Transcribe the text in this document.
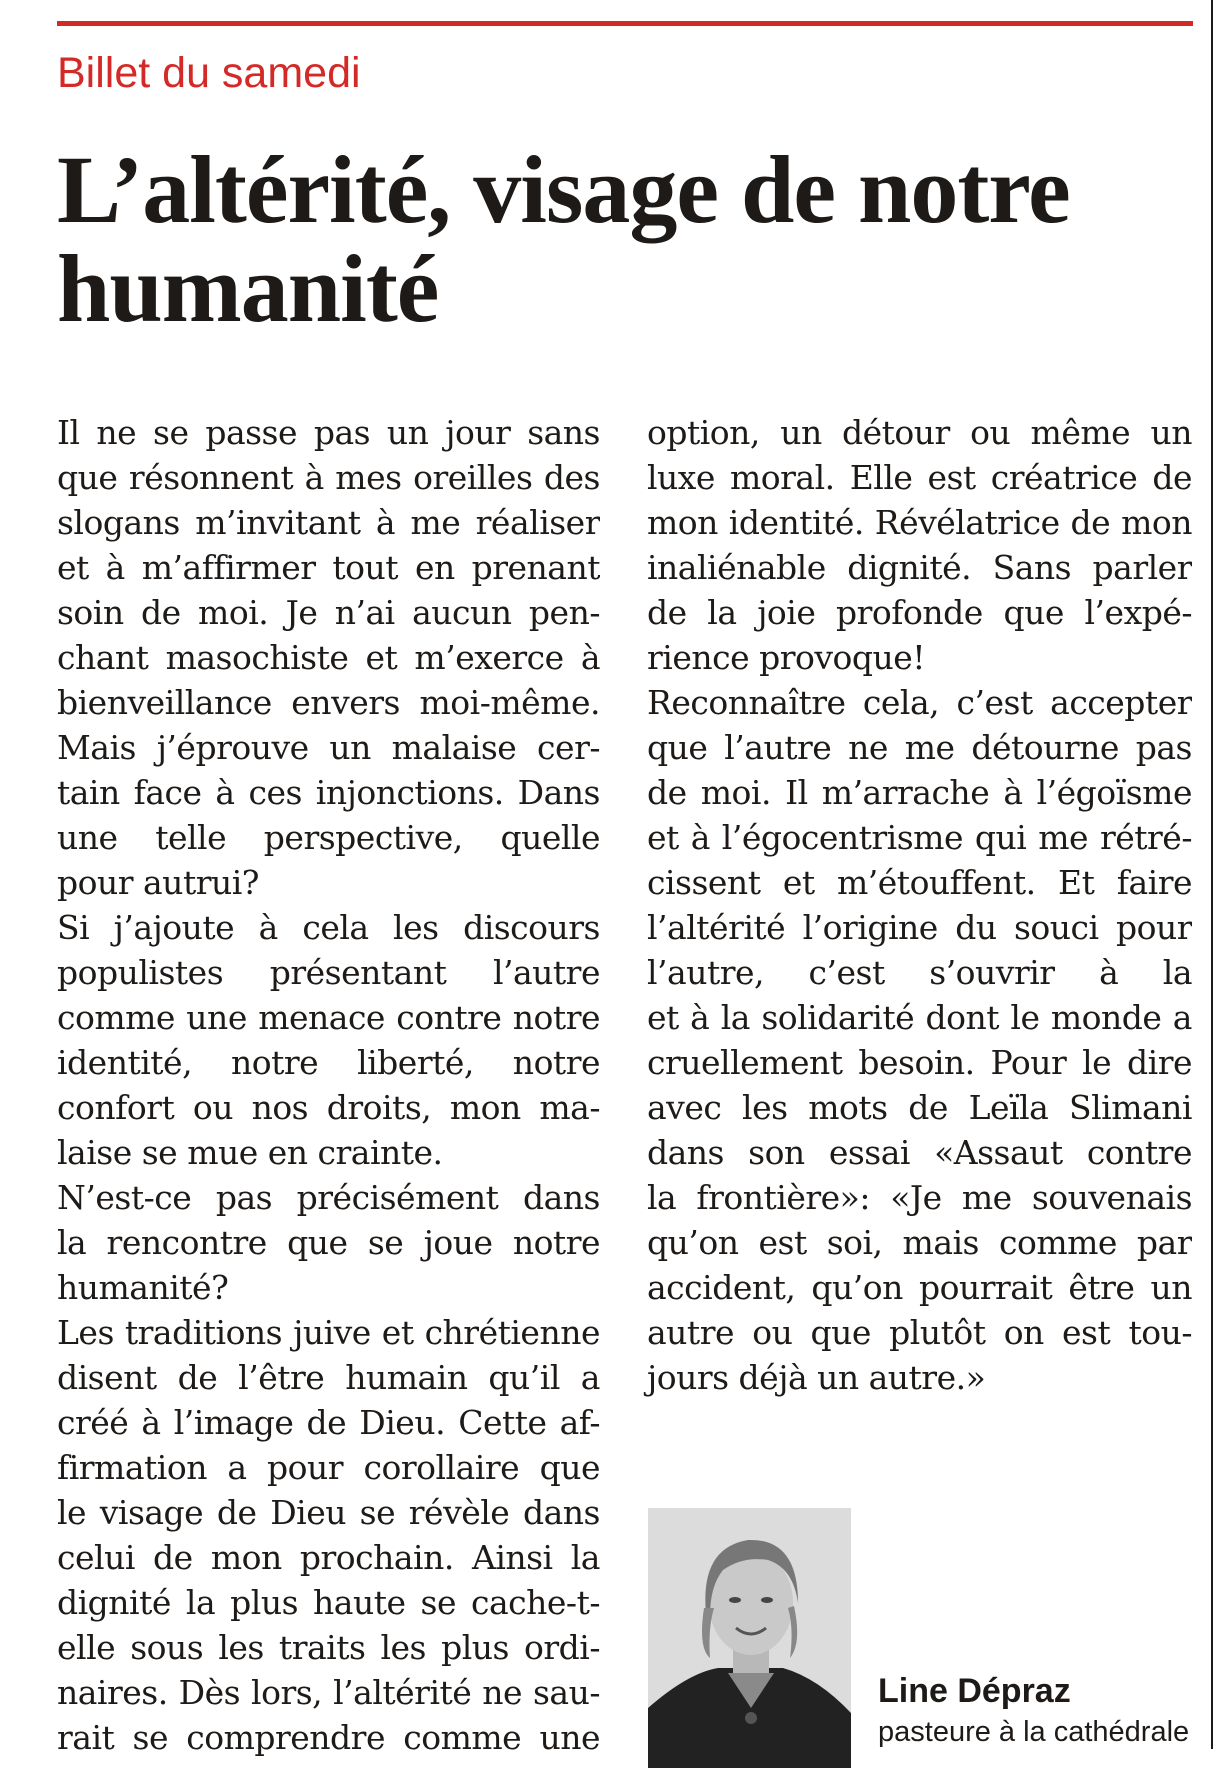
Billet du samedi
L’altérité, visage de notre humanité
Il ne se passe pas un jour sans
que résonnent à mes oreilles des
slogans m’invitant à me réaliser
et à m’affirmer tout en prenant
soin de moi. Je n’ai aucun pen-
chant masochiste et m’exerce à
bienveillance envers moi-même.
Mais j’éprouve un malaise cer-
tain face à ces injonctions. Dans
une telle perspective, quelle
pour autrui?
Si j’ajoute à cela les discours
populistes présentant l’autre
comme une menace contre notre
identité, notre liberté, notre
confort ou nos droits, mon ma-
laise se mue en crainte.
N’est-ce pas précisément dans
la rencontre que se joue notre
humanité?
Les traditions juive et chrétienne
disent de l’être humain qu’il a
créé à l’image de Dieu. Cette af-
firmation a pour corollaire que
le visage de Dieu se révèle dans
celui de mon prochain. Ainsi la
dignité la plus haute se cache-t-
elle sous les traits les plus ordi-
naires. Dès lors, l’altérité ne sau-
rait se comprendre comme une
option, un détour ou même un
luxe moral. Elle est créatrice de
mon identité. Révélatrice de mon
inaliénable dignité. Sans parler
de la joie profonde que l’expé-
rience provoque!
Reconnaître cela, c’est accepter
que l’autre ne me détourne pas
de moi. Il m’arrache à l’égoïsme
et à l’égocentrisme qui me rétré-
cissent et m’étouffent. Et faire
l’altérité l’origine du souci pour
l’autre, c’est s’ouvrir à la
et à la solidarité dont le monde a
cruellement besoin. Pour le dire
avec les mots de Leïla Slimani
dans son essai «Assaut contre
la frontière»: «Je me souvenais
qu’on est soi, mais comme par
accident, qu’on pourrait être un
autre ou que plutôt on est tou-
jours déjà un autre.»
Line Dépraz
pasteure à la cathédrale
